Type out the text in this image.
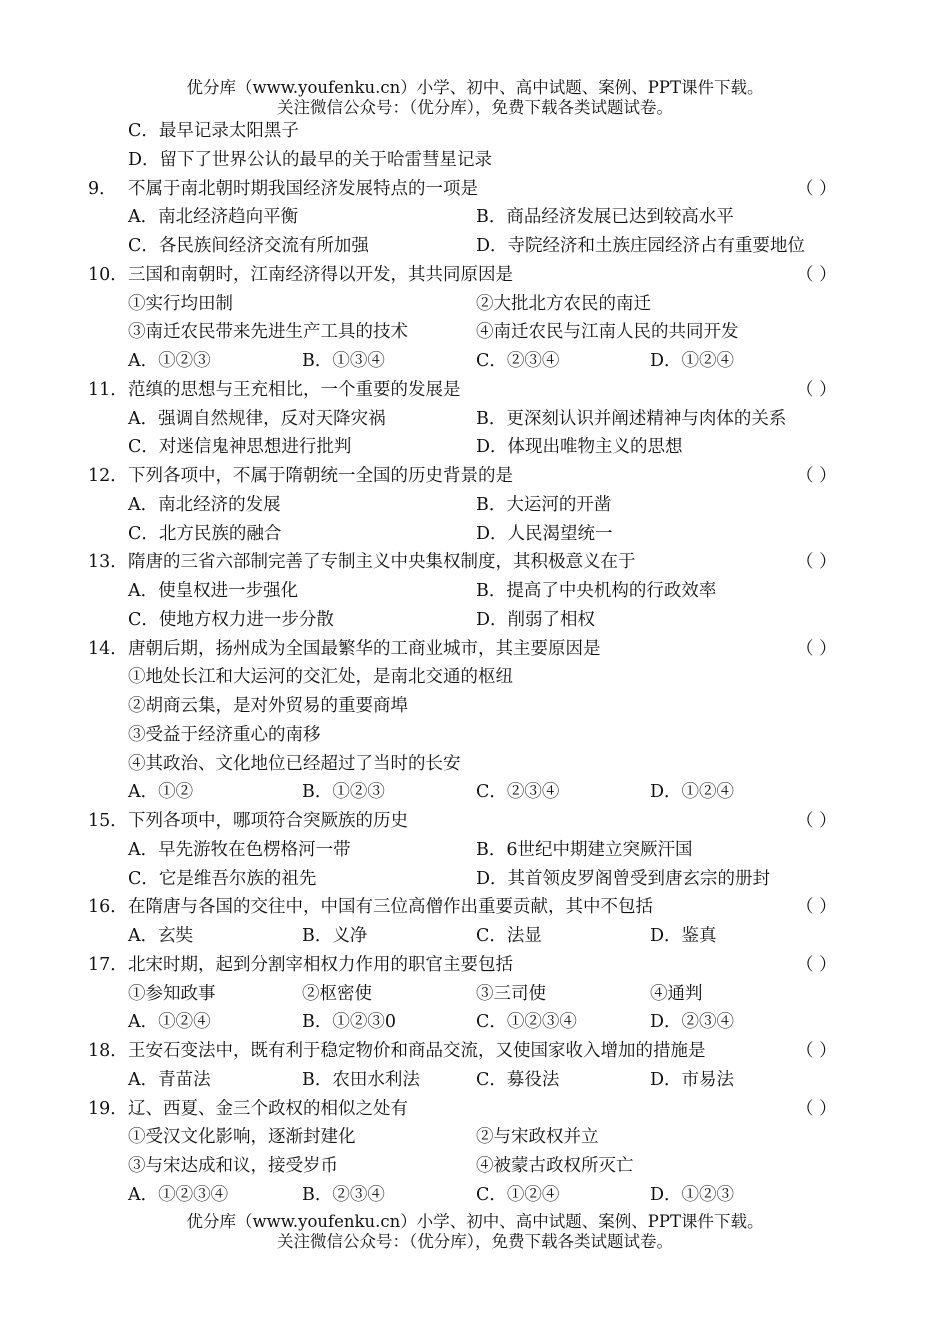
优分库（www.youfenku.cn）小学、初中、高中试题、案例、PPT课件下载。
关注微信公众号：（优分库），免费下载各类试题试卷。
C．最早记录太阳黑子
D．留下了世界公认的最早的关于哈雷彗星记录
9． 不属于南北朝时期我国经济发展特点的一项是	（ ）
A．南北经济趋向平衡	B．商品经济发展已达到较高水平
C．各民族间经济交流有所加强	D．寺院经济和土族庄园经济占有重要地位
10． 三国和南朝时，江南经济得以开发，其共同原因是	（ ）
①实行均田制	②大批北方农民的南迁
③南迁农民带来先进生产工具的技术	④南迁农民与江南人民的共同开发
A．①②③	B．①③④	C．②③④	D．①②④
11． 范缜的思想与王充相比，一个重要的发展是	（ ）
A．强调自然规律，反对天降灾祸	B．更深刻认识并阐述精神与肉体的关系
C．对迷信鬼神思想进行批判	D．体现出唯物主义的思想
12． 下列各项中，不属于隋朝统一全国的历史背景的是	（ ）
A．南北经济的发展	B．大运河的开凿
C．北方民族的融合	D．人民渴望统一
13． 隋唐的三省六部制完善了专制主义中央集权制度，其积极意义在于	（ ）
A．使皇权进一步强化	B．提高了中央机构的行政效率
C．使地方权力进一步分散	D．削弱了相权
14． 唐朝后期，扬州成为全国最繁华的工商业城市，其主要原因是	（ ）
①地处长江和大运河的交汇处，是南北交通的枢纽
②胡商云集，是对外贸易的重要商埠
③受益于经济重心的南移
④其政治、文化地位已经超过了当时的长安
A．①②	B．①②③	C．②③④	D．①②④
15． 下列各项中，哪项符合突厥族的历史	（ ）
A．早先游牧在色楞格河一带	B．6世纪中期建立突厥汗国
C．它是维吾尔族的祖先	D．其首领皮罗阁曾受到唐玄宗的册封
16． 在隋唐与各国的交往中，中国有三位高僧作出重要贡献，其中不包括	（ ）
A．玄奘	B．义净	C．法显	D．鉴真
17． 北宋时期，起到分割宰相权力作用的职官主要包括	（ ）
①参知政事	②枢密使	③三司使	④通判
A．①②④	B．①②③0	C．①②③④	D．②③④
18． 王安石变法中，既有利于稳定物价和商品交流，又使国家收入增加的措施是	（ ）
A．青苗法	B．农田水利法	C．募役法	D．市易法
19． 辽、西夏、金三个政权的相似之处有	（ ）
①受汉文化影响，逐渐封建化	②与宋政权并立
③与宋达成和议，接受岁币	④被蒙古政权所灭亡
A．①②③④	B．②③④	C．①②④	D．①②③
优分库（www.youfenku.cn）小学、初中、高中试题、案例、PPT课件下载。
关注微信公众号：（优分库），免费下载各类试题试卷。
